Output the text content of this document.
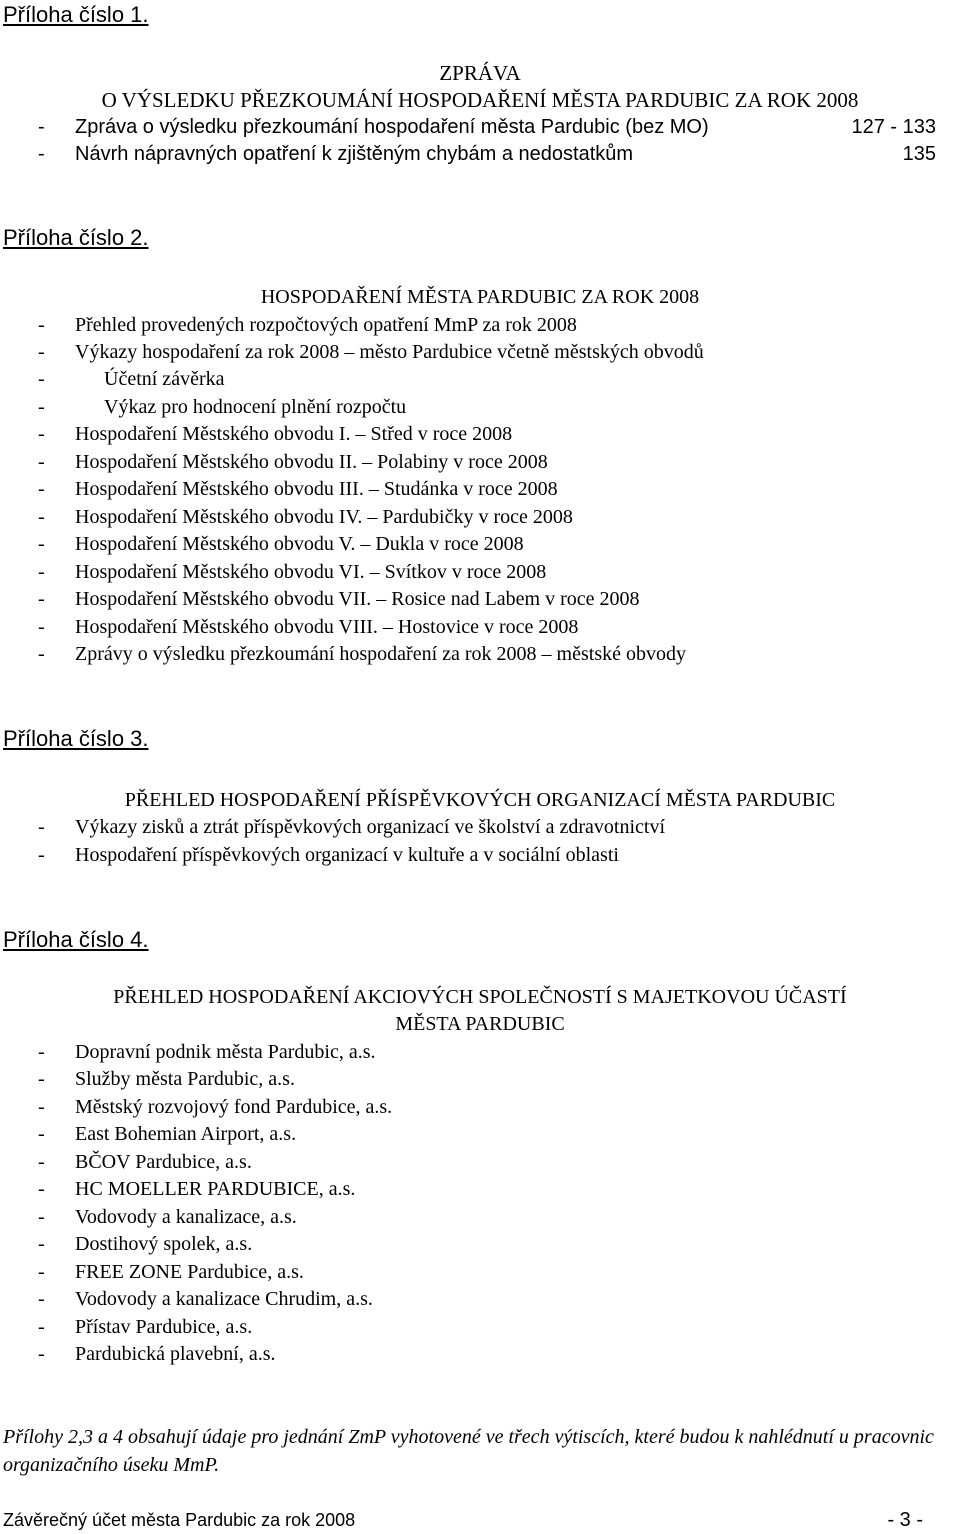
Příloha číslo 1.
ZPRÁVA
O VÝSLEDKU PŘEZKOUMÁNÍ HOSPODAŘENÍ MĚSTA PARDUBIC ZA ROK 2008
- Zpráva o výsledku přezkoumání hospodaření města Pardubic (bez MO)	127 - 133
- Návrh nápravných opatření k zjištěným chybám a nedostatkům	135
Příloha číslo 2.
HOSPODAŘENÍ MĚSTA PARDUBIC ZA ROK 2008
- Přehled provedených rozpočtových opatření MmP za rok 2008
- Výkazy hospodaření za rok 2008 – město Pardubice včetně městských obvodů
-	Účetní závěrka
-	Výkaz pro hodnocení plnění rozpočtu
- Hospodaření Městského obvodu I. – Střed v roce 2008
- Hospodaření Městského obvodu II. – Polabiny v roce 2008
- Hospodaření Městského obvodu III. – Studánka v roce 2008
- Hospodaření Městského obvodu IV. – Pardubičky v roce 2008
- Hospodaření Městského obvodu V. – Dukla v roce 2008
- Hospodaření Městského obvodu VI. – Svítkov v roce 2008
- Hospodaření Městského obvodu VII. – Rosice nad Labem v roce 2008
- Hospodaření Městského obvodu VIII. – Hostovice v roce 2008
- Zprávy o výsledku přezkoumání hospodaření za rok 2008 – městské obvody
Příloha číslo 3.
PŘEHLED HOSPODAŘENÍ PŘÍSPĚVKOVÝCH ORGANIZACÍ MĚSTA PARDUBIC
- Výkazy zisků a ztrát příspěvkových organizací ve školství a zdravotnictví
- Hospodaření příspěvkových organizací v kultuře a v sociální oblasti
Příloha číslo 4.
PŘEHLED HOSPODAŘENÍ AKCIOVÝCH SPOLEČNOSTÍ S MAJETKOVOU ÚČASTÍ
MĚSTA PARDUBIC
- Dopravní podnik města Pardubic, a.s.
- Služby města Pardubic, a.s.
- Městský rozvojový fond Pardubice, a.s.
- East Bohemian Airport, a.s.
- BČOV Pardubice, a.s.
- HC MOELLER PARDUBICE, a.s.
- Vodovody a kanalizace, a.s.
- Dostihový spolek, a.s.
- FREE ZONE Pardubice, a.s.
- Vodovody a kanalizace Chrudim, a.s.
- Přístav Pardubice, a.s.
- Pardubická plavební, a.s.
Přílohy 2,3 a 4 obsahují údaje pro jednání ZmP vyhotovené ve třech výtiscích, které budou k nahlédnutí u pracovnic organizačního úseku MmP.
Závěrečný účet města Pardubic za rok 2008	- 3 -
